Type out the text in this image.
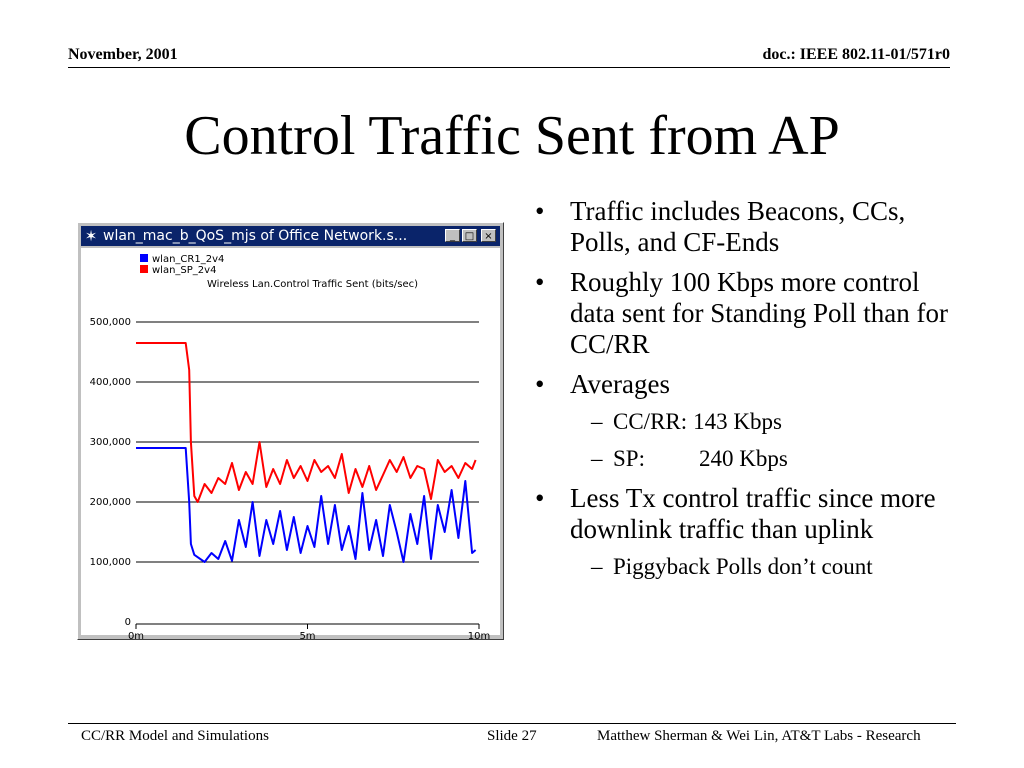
November, 2001	doc.: IEEE 802.11-01/571r0
Control Traffic Sent from AP
✶ wlan_mac_b_QoS_mjs of Office Network.s...	_ □	×
wlan_CR1_2v4
wlan_SP_2v4
Wireless Lan.Control Traffic Sent (bits/sec)
0
100,000
200,000
300,000
400,000
500,000
0m	5m	10m
• Traffic includes Beacons, CCs, Polls, and CF-Ends
• Roughly 100 Kbps more control data sent for Standing Poll than for CC/RR
• Averages
– CC/RR: 143 Kbps
– SP: 240 Kbps
• Less Tx control traffic since more downlink traffic than uplink
– Piggyback Polls don’t count
CC/RR Model and Simulations	Slide 27	Matthew Sherman & Wei Lin, AT&T Labs - Research
